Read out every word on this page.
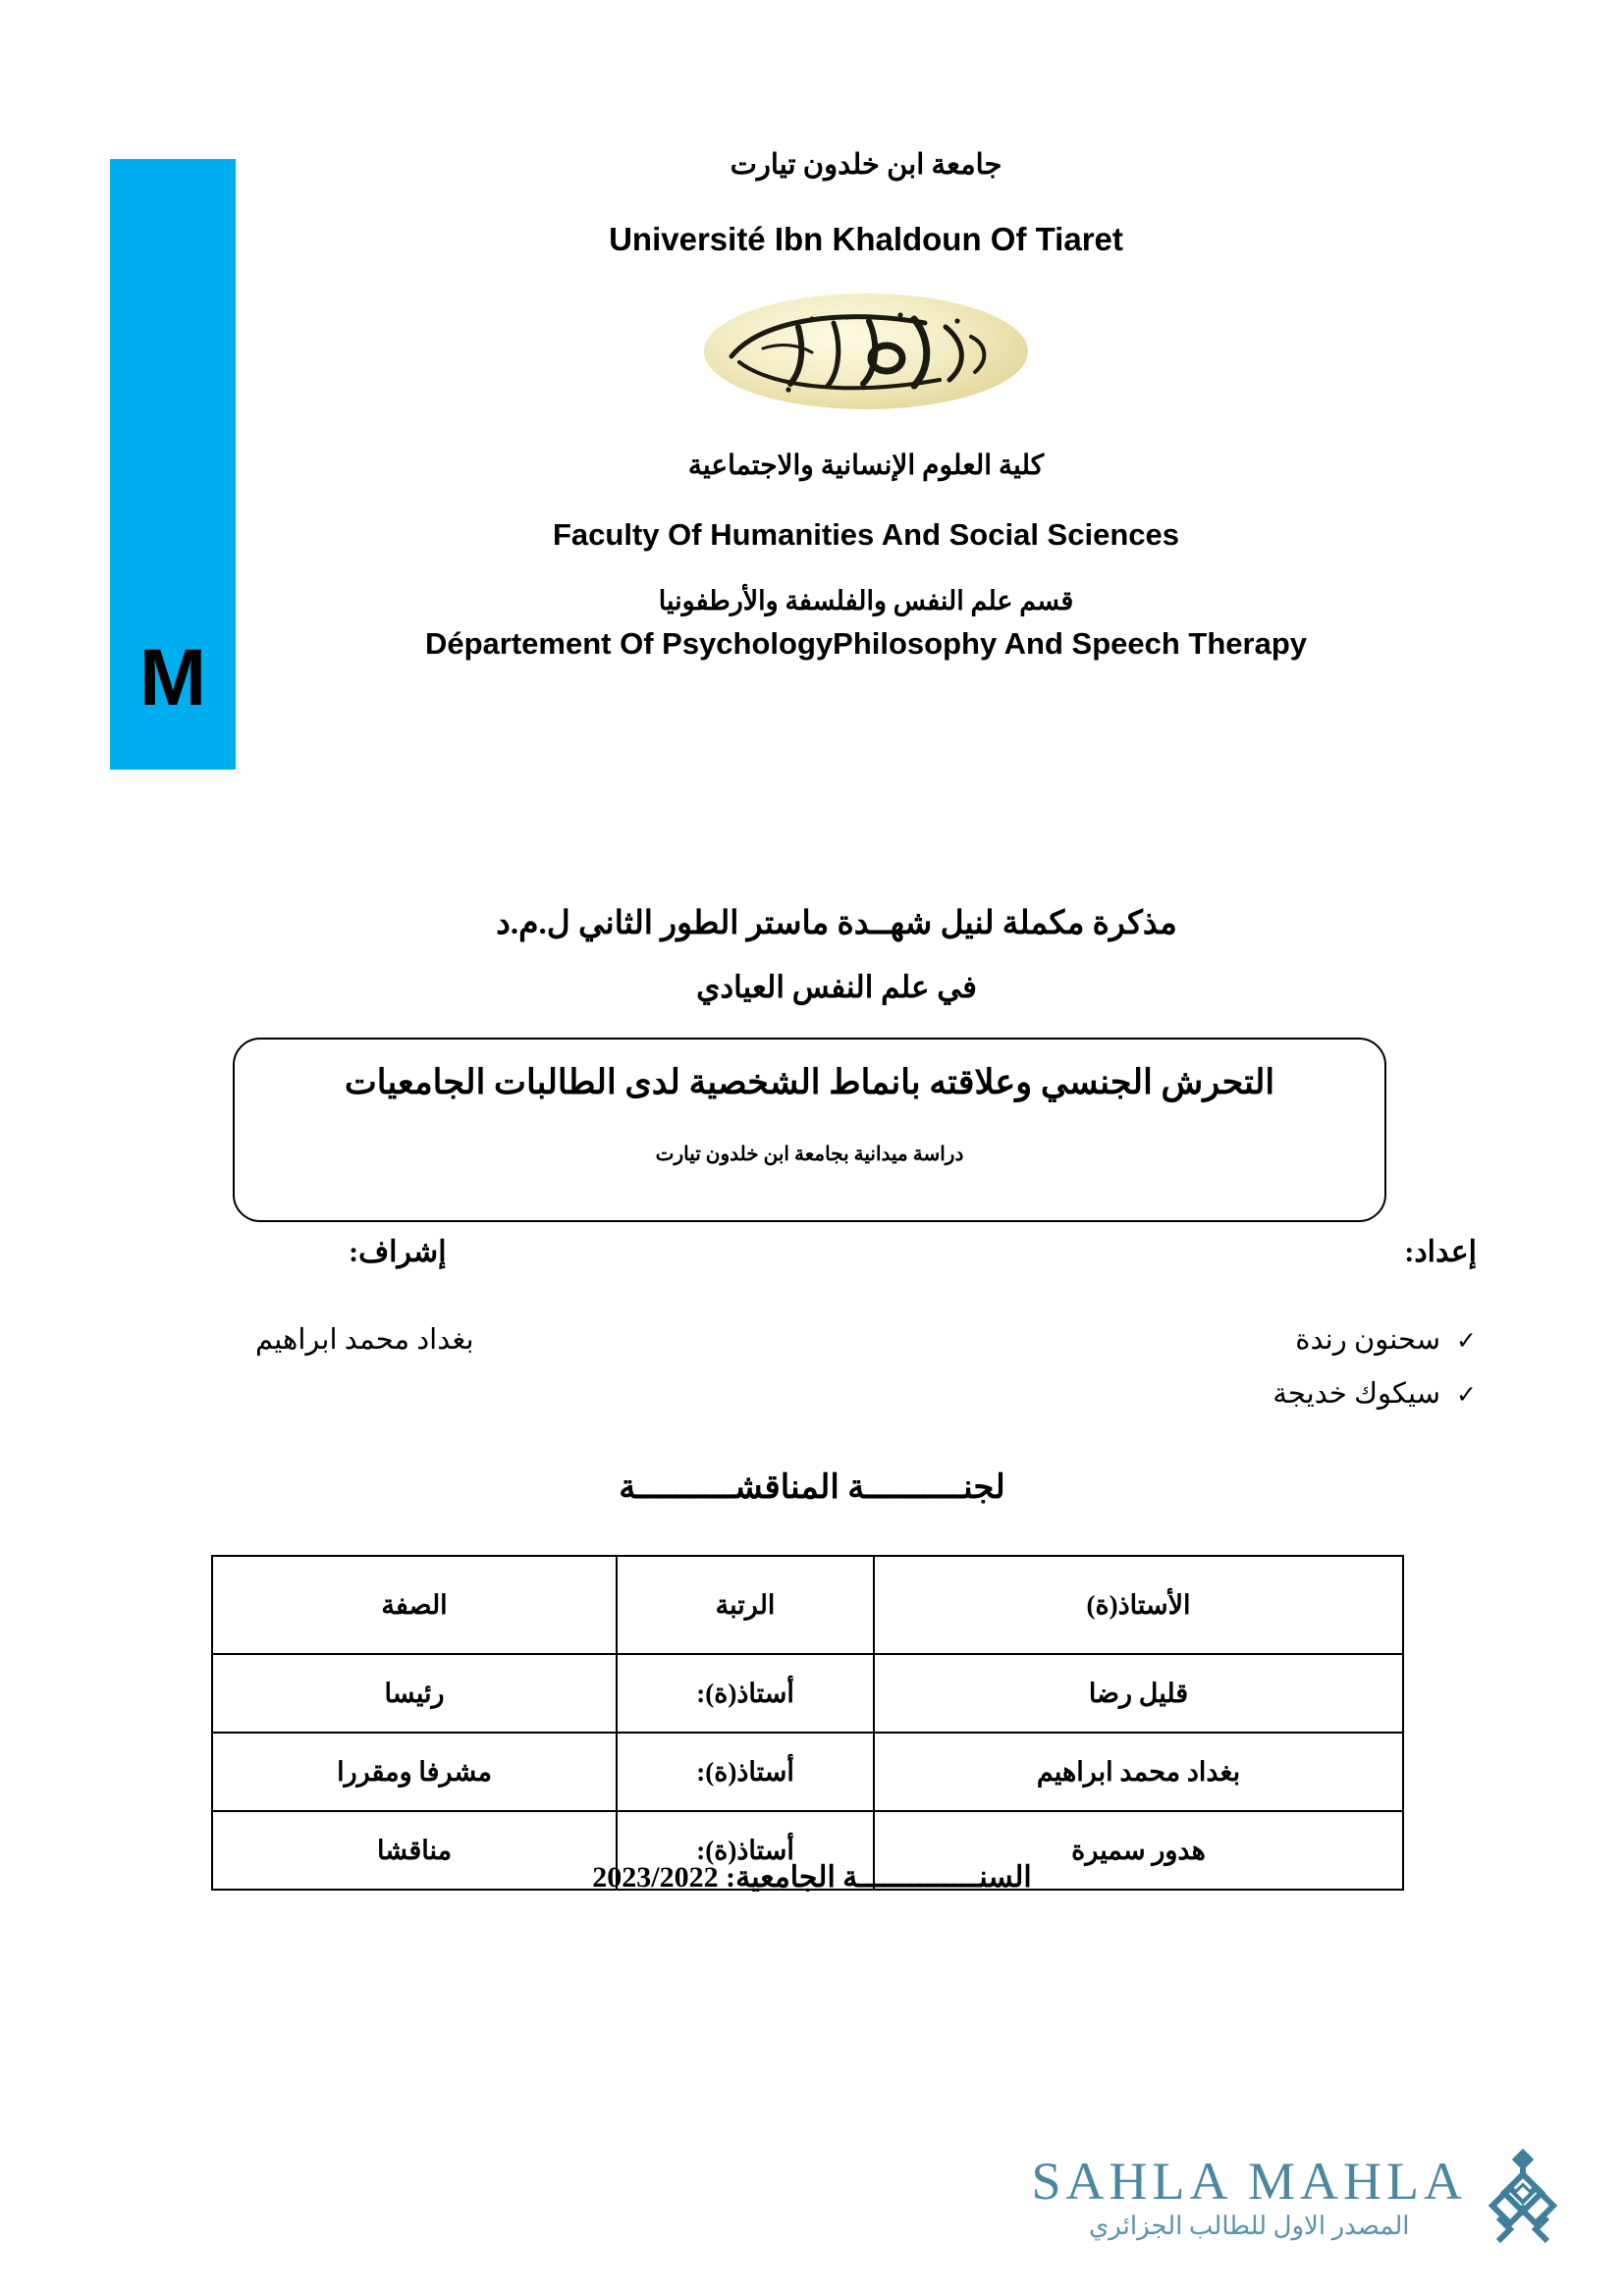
M
جامعة ابن خلدون تيارت
Université Ibn Khaldoun Of Tiaret
كلية العلوم الإنسانية والاجتماعية
Faculty Of Humanities And Social Sciences
قسم علم النفس والفلسفة والأرطفونيا
Département Of PsychologyPhilosophy And Speech Therapy
مذكرة مكملة لنيل شهــدة ماستر الطور الثاني ل.م.د
في علم النفس العيادي
التحرش الجنسي وعلاقته بانماط الشخصية لدى الطالبات الجامعيات
دراسة ميدانية بجامعة ابن خلدون تيارت
إعداد:
✓سحنون رندة
✓سيكوك خديجة
إشراف:
بغداد محمد ابراهيم
لجنــــــــــة المناقشــــــــــة
الأستاذ(ة)	الرتبة	الصفة
قليل رضا	أستاذ(ة):	رئيسا
بغداد محمد ابراهيم	أستاذ(ة):	مشرفا ومقررا
هدور سميرة	أستاذ(ة):	مناقشا
السنــــــــــــــة الجامعية: 2023/2022
SAHLA MAHLA
المصدر الاول للطالب الجزائري
